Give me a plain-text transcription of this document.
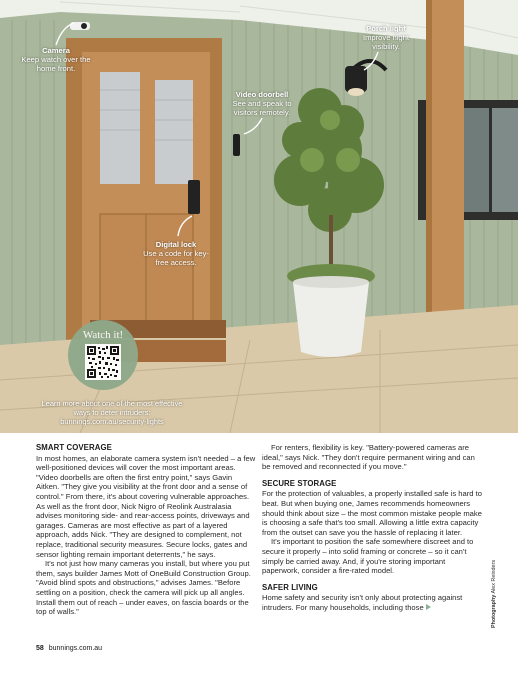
Camera
Keep watch over the home front.
Porch light
Improve night visibility.
Video doorbell
See and speak to visitors remotely.
Digital lock
Use a code for key-free access.
Watch it!
Learn more about one of the most effective ways to deter intruders: bunnings.com.au/security-lights
SMART COVERAGE

In most homes, an elaborate camera system isn't needed – a few well-positioned devices will cover the most important areas. "Video doorbells are often the first entry point," says Gavin Aitken. "They give you visibility at the front door and a sense of control." From there, it's about covering vulnerable approaches. As well as the front door, Nick Nigro of Reolink Australasia advises monitoring side- and rear-access points, driveways and garages. Cameras are most effective as part of a layered approach, adds Nick. "They are designed to complement, not replace, traditional security measures. Secure locks, gates and sensor lighting remain important deterrents," he says.

It's not just how many cameras you install, but where you put them, says builder James Mott of OneBuild Construction Group. "Avoid blind spots and obstructions," advises James. "Before settling on a position, check the camera will pick up all angles. Install them out of reach – under eaves, on fascia boards or the top of walls."

For renters, flexibility is key. "Battery-powered cameras are ideal," says Nick. "They don't require permanent wiring and can be removed and reconnected if you move."

SECURE STORAGE

For the protection of valuables, a properly installed safe is hard to beat. But when buying one, James recommends homeowners should think about size – the most common mistake people make is choosing a safe that's too small. Allowing a little extra capacity from the outset can save you the hassle of replacing it later.

It's important to position the safe somewhere discreet and to secure it properly – into solid framing or concrete – so it can't simply be carried away. And, if you're storing important paperwork, consider a fire-rated model.

SAFER LIVING

Home safety and security isn't only about protecting against intruders. For many households, including those	Photography Alex Reinders
58 bunnings.com.au
